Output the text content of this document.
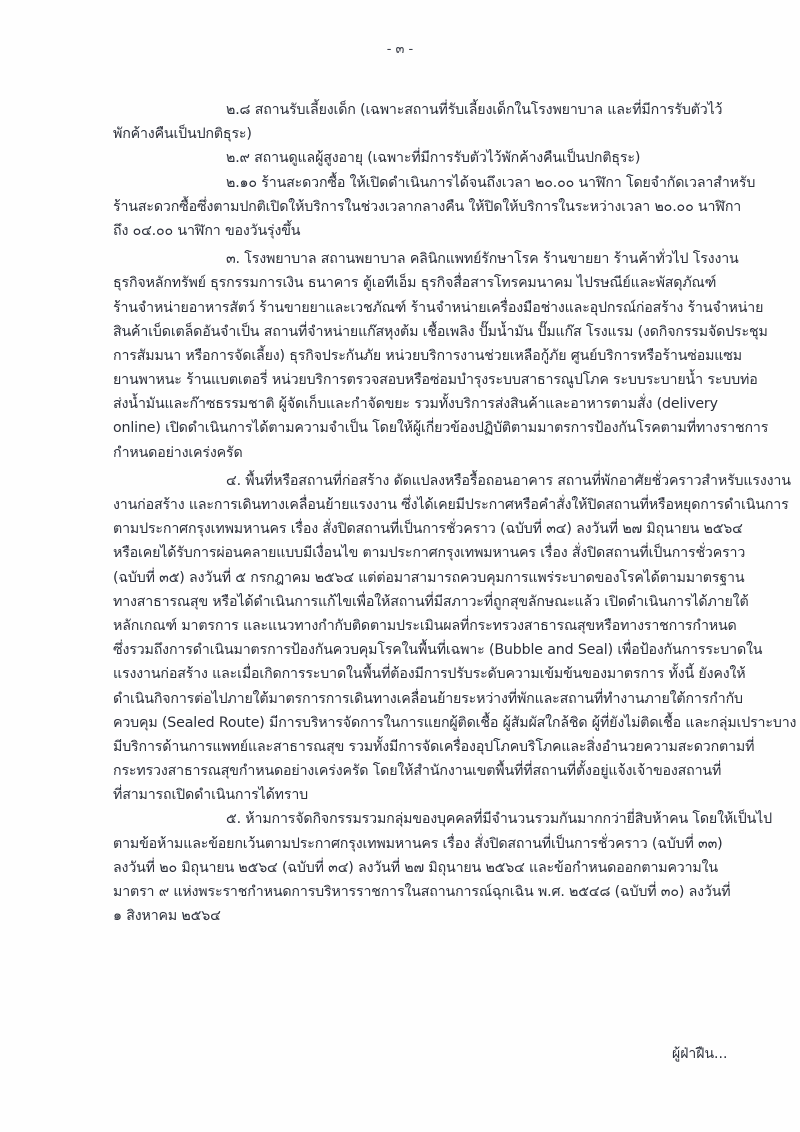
- ๓ -
๒.๘ สถานรับเลี้ยงเด็ก (เฉพาะสถานที่รับเลี้ยงเด็กในโรงพยาบาล และที่มีการรับตัวไว้
พักค้างคืนเป็นปกติธุระ)
๒.๙ สถานดูแลผู้สูงอายุ (เฉพาะที่มีการรับตัวไว้พักค้างคืนเป็นปกติธุระ)
๒.๑๐ ร้านสะดวกซื้อ ให้เปิดดำเนินการได้จนถึงเวลา ๒๐.๐๐ นาฬิกา โดยจำกัดเวลาสำหรับ
ร้านสะดวกซื้อซึ่งตามปกติเปิดให้บริการในช่วงเวลากลางคืน ให้ปิดให้บริการในระหว่างเวลา ๒๐.๐๐ นาฬิกา
ถึง ๐๔.๐๐ นาฬิกา ของวันรุ่งขึ้น
๓. โรงพยาบาล สถานพยาบาล คลินิกแพทย์รักษาโรค ร้านขายยา ร้านค้าทั่วไป โรงงาน
ธุรกิจหลักทรัพย์ ธุรกรรมการเงิน ธนาคาร ตู้เอทีเอ็ม ธุรกิจสื่อสารโทรคมนาคม ไปรษณีย์และพัสดุภัณฑ์
ร้านจำหน่ายอาหารสัตว์ ร้านขายยาและเวชภัณฑ์ ร้านจำหน่ายเครื่องมือช่างและอุปกรณ์ก่อสร้าง ร้านจำหน่าย
สินค้าเบ็ดเตล็ดอันจำเป็น สถานที่จำหน่ายแก๊สหุงต้ม เชื้อเพลิง ปั๊มน้ำมัน ปั๊มแก๊ส โรงแรม (งดกิจกรรมจัดประชุม
การสัมมนา หรือการจัดเลี้ยง) ธุรกิจประกันภัย หน่วยบริการงานช่วยเหลือกู้ภัย ศูนย์บริการหรือร้านซ่อมแซม
ยานพาหนะ ร้านแบตเตอรี่ หน่วยบริการตรวจสอบหรือซ่อมบำรุงระบบสาธารณูปโภค ระบบระบายน้ำ ระบบท่อ
ส่งน้ำมันและก๊าซธรรมชาติ ผู้จัดเก็บและกำจัดขยะ รวมทั้งบริการส่งสินค้าและอาหารตามสั่ง (delivery
online) เปิดดำเนินการได้ตามความจำเป็น โดยให้ผู้เกี่ยวข้องปฏิบัติตามมาตรการป้องกันโรคตามที่ทางราชการ
กำหนดอย่างเคร่งครัด
๔. พื้นที่หรือสถานที่ก่อสร้าง ดัดแปลงหรือรื้อถอนอาคาร สถานที่พักอาศัยชั่วคราวสำหรับแรงงาน
งานก่อสร้าง และการเดินทางเคลื่อนย้ายแรงงาน ซึ่งได้เคยมีประกาศหรือคำสั่งให้ปิดสถานที่หรือหยุดการดำเนินการ
ตามประกาศกรุงเทพมหานคร เรื่อง สั่งปิดสถานที่เป็นการชั่วคราว (ฉบับที่ ๓๔) ลงวันที่ ๒๗ มิถุนายน ๒๕๖๔
หรือเคยได้รับการผ่อนคลายแบบมีเงื่อนไข ตามประกาศกรุงเทพมหานคร เรื่อง สั่งปิดสถานที่เป็นการชั่วคราว
(ฉบับที่ ๓๕) ลงวันที่ ๕ กรกฎาคม ๒๕๖๔ แต่ต่อมาสามารถควบคุมการแพร่ระบาดของโรคได้ตามมาตรฐาน
ทางสาธารณสุข หรือได้ดำเนินการแก้ไขเพื่อให้สถานที่มีสภาวะที่ถูกสุขลักษณะแล้ว เปิดดำเนินการได้ภายใต้
หลักเกณฑ์ มาตรการ และแนวทางกำกับติดตามประเมินผลที่กระทรวงสาธารณสุขหรือทางราชการกำหนด
ซึ่งรวมถึงการดำเนินมาตรการป้องกันควบคุมโรคในพื้นที่เฉพาะ (Bubble and Seal) เพื่อป้องกันการระบาดใน
แรงงานก่อสร้าง และเมื่อเกิดการระบาดในพื้นที่ต้องมีการปรับระดับความเข้มข้นของมาตรการ ทั้งนี้ ยังคงให้
ดำเนินกิจการต่อไปภายใต้มาตรการการเดินทางเคลื่อนย้ายระหว่างที่พักและสถานที่ทำงานภายใต้การกำกับ
ควบคุม (Sealed Route) มีการบริหารจัดการในการแยกผู้ติดเชื้อ ผู้สัมผัสใกล้ชิด ผู้ที่ยังไม่ติดเชื้อ และกลุ่มเปราะบาง
มีบริการด้านการแพทย์และสาธารณสุข รวมทั้งมีการจัดเครื่องอุปโภคบริโภคและสิ่งอำนวยความสะดวกตามที่
กระทรวงสาธารณสุขกำหนดอย่างเคร่งครัด โดยให้สำนักงานเขตพื้นที่ที่สถานที่ตั้งอยู่แจ้งเจ้าของสถานที่
ที่สามารถเปิดดำเนินการได้ทราบ
๕. ห้ามการจัดกิจกรรมรวมกลุ่มของบุคคลที่มีจำนวนรวมกันมากกว่ายี่สิบห้าคน โดยให้เป็นไป
ตามข้อห้ามและข้อยกเว้นตามประกาศกรุงเทพมหานคร เรื่อง สั่งปิดสถานที่เป็นการชั่วคราว (ฉบับที่ ๓๓)
ลงวันที่ ๒๐ มิถุนายน ๒๕๖๔ (ฉบับที่ ๓๔) ลงวันที่ ๒๗ มิถุนายน ๒๕๖๔ และข้อกำหนดออกตามความใน
มาตรา ๙ แห่งพระราชกำหนดการบริหารราชการในสถานการณ์ฉุกเฉิน พ.ศ. ๒๕๔๘ (ฉบับที่ ๓๐) ลงวันที่
๑ สิงหาคม ๒๕๖๔
ผู้ฝ่าฝืน...
